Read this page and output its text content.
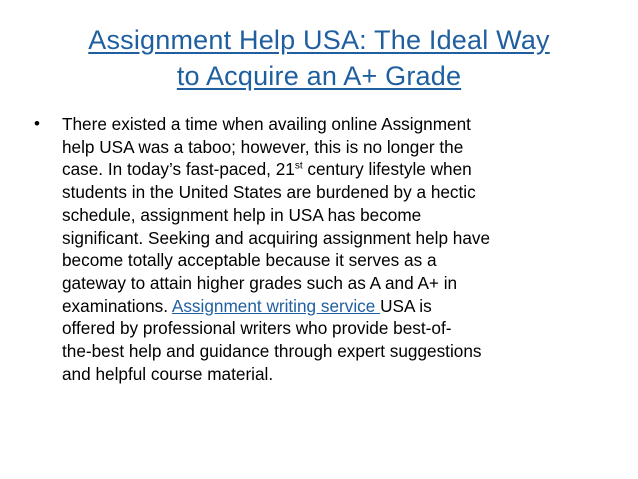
Assignment Help USA: The Ideal Way
to Acquire an A+ Grade
•	There existed a time when availing online Assignment
help USA was a taboo; however, this is no longer the
case. In today’s fast-paced, 21st century lifestyle when
students in the United States are burdened by a hectic
schedule, assignment help in USA has become
significant. Seeking and acquiring assignment help have
become totally acceptable because it serves as a
gateway to attain higher grades such as A and A+ in
examinations. Assignment writing service USA is
offered by professional writers who provide best-of-
the-best help and guidance through expert suggestions
and helpful course material.
